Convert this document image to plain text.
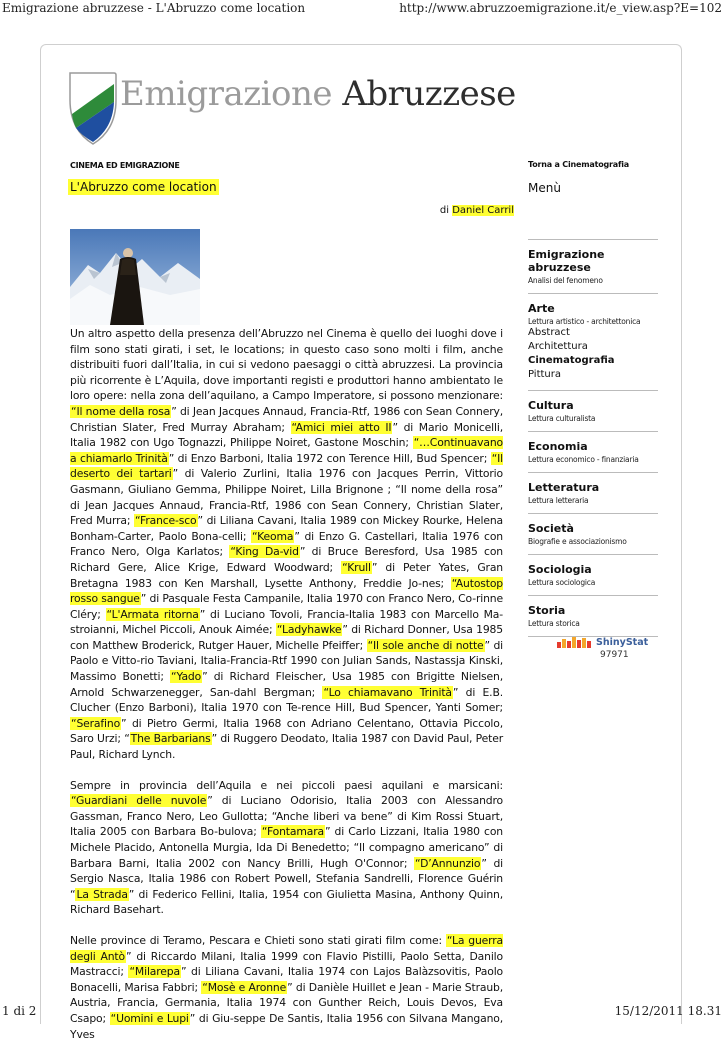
Emigrazione abruzzese - L'Abruzzo come location	http://www.abruzzoemigrazione.it/e_view.asp?E=102
Emigrazione Abruzzese
CINEMA ED EMIGRAZIONE
L'Abruzzo come location
di Daniel Carril

Un altro aspetto della presenza dell’Abruzzo nel Cinema è quello dei luoghi dove i film sono stati girati, i set, le locations; in questo caso sono molti i film, anche distribuiti fuori dall’Italia, in cui si vedono paesaggi o città abruzzesi. La provincia più ricorrente è L’Aquila, dove importanti registi e produttori hanno ambientato le loro opere: nella zona dell’aquilano, a Campo Imperatore, si possono menzionare: “Il nome della rosa” di Jean Jacques Annaud, Francia-Rtf, 1986 con Sean Connery, Christian Slater, Fred Murray Abraham; “Amici miei atto II” di Mario Monicelli, Italia 1982 con Ugo Tognazzi, Philippe Noiret, Gastone Moschin; “…Continuavano a chiamarlo Trinità” di Enzo Barboni, Italia 1972 con Terence Hill, Bud Spencer; “Il deserto dei tartari” di Valerio Zurlini, Italia 1976 con Jacques Perrin, Vittorio Gasmann, Giuliano Gemma, Philippe Noiret, Lilla Brignone ; “Il nome della rosa” di Jean Jacques Annaud, Francia-Rtf, 1986 con Sean Connery, Christian Slater, Fred Murra; “France-sco” di Liliana Cavani, Italia 1989 con Mickey Rourke, Helena Bonham-Carter, Paolo Bona-celli; “Keoma” di Enzo G. Castellari, Italia 1976 con Franco Nero, Olga Karlatos; “King Da-vid” di Bruce Beresford, Usa 1985 con Richard Gere, Alice Krige, Edward Woodward; “Krull” di Peter Yates, Gran Bretagna 1983 con Ken Marshall, Lysette Anthony, Freddie Jo-nes; “Autostop rosso sangue” di Pasquale Festa Campanile, Italia 1970 con Franco Nero, Co-rinne Cléry; “L'Armata ritorna” di Luciano Tovoli, Francia-Italia 1983 con Marcello Ma-stroianni, Michel Piccoli, Anouk Aimée; “Ladyhawke” di Richard Donner, Usa 1985 con Matthew Broderick, Rutger Hauer, Michelle Pfeiffer; “Il sole anche di notte” di Paolo e Vitto-rio Taviani, Italia-Francia-Rtf 1990 con Julian Sands, Nastassja Kinski, Massimo Bonetti; “Yado” di Richard Fleischer, Usa 1985 con Brigitte Nielsen, Arnold Schwarzenegger, San-dahl Bergman; “Lo chiamavano Trinità” di E.B. Clucher (Enzo Barboni), Italia 1970 con Te-rence Hill, Bud Spencer, Yanti Somer; “Serafino” di Pietro Germi, Italia 1968 con Adriano Celentano, Ottavia Piccolo, Saro Urzi; “The Barbarians” di Ruggero Deodato, Italia 1987 con David Paul, Peter Paul, Richard Lynch.

Sempre in provincia dell’Aquila e nei piccoli paesi aquilani e marsicani: “Guardiani delle nuvole” di Luciano Odorisio, Italia 2003 con Alessandro Gassman, Franco Nero, Leo Gullotta; “Anche liberi va bene” di Kim Rossi Stuart, Italia 2005 con Barbara Bo-bulova; “Fontamara” di Carlo Lizzani, Italia 1980 con Michele Placido, Antonella Murgia, Ida Di Benedetto; “Il compagno americano” di Barbara Barni, Italia 2002 con Nancy Brilli, Hugh O'Connor; “D’Annunzio” di Sergio Nasca, Italia 1986 con Robert Powell, Stefania Sandrelli, Florence Guérin “La Strada” di Federico Fellini, Italia, 1954 con Giulietta Masina, Anthony Quinn, Richard Basehart.

Nelle province di Teramo, Pescara e Chieti sono stati girati film come: “La guerra degli Antò” di Riccardo Milani, Italia 1999 con Flavio Pistilli, Paolo Setta, Danilo Mastracci; “Milarepa” di Liliana Cavani, Italia 1974 con Lajos Balàzsovitis, Paolo Bonacelli, Marisa Fabbri; “Mosè e Aronne” di Danièle Huillet e Jean - Marie Straub, Austria, Francia, Germania, Italia 1974 con Gunther Reich, Louis Devos, Eva Csapo; “Uomini e Lupi” di Giu-seppe De Santis, Italia 1956 con Silvana Mangano, Yves

Torna a Cinematografia
Menù
Emigrazione abruzzese
Analisi del fenomeno
Arte
Lettura artistico - architettonica
Abstract
Architettura
Cinematografia
Pittura
Cultura
Lettura culturalista
Economia
Lettura economico - finanziaria
Letteratura
Lettura letteraria
Società
Biografie e associazionismo
Sociologia
Lettura sociologica
Storia
Lettura storica
ShinyStat
97971
1 di 2	15/12/2011 18.31
